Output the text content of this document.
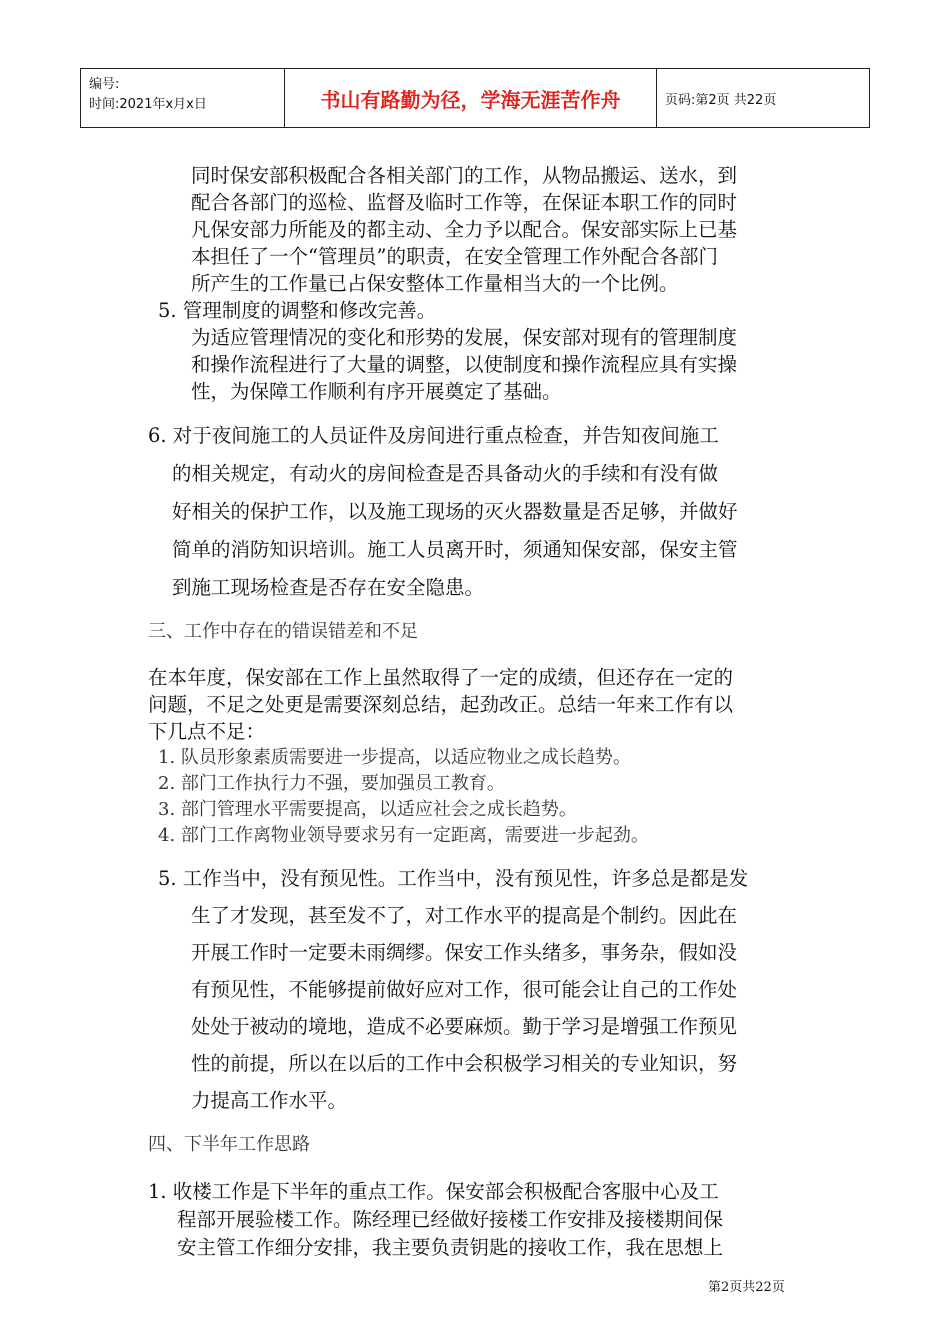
编号:
时间:2021年x月x日	书山有路勤为径，学海无涯苦作舟	页码:第2页 共22页
同时保安部积极配合各相关部门的工作，从物品搬运、送水，到
配合各部门的巡检、监督及临时工作等，在保证本职工作的同时
凡保安部力所能及的都主动、全力予以配合。保安部实际上已基
本担任了一个“管理员”的职责，在安全管理工作外配合各部门
所产生的工作量已占保安整体工作量相当大的一个比例。
5. 管理制度的调整和修改完善。
为适应管理情况的变化和形势的发展，保安部对现有的管理制度
和操作流程进行了大量的调整，以使制度和操作流程应具有实操
性，为保障工作顺利有序开展奠定了基础。
6. 对于夜间施工的人员证件及房间进行重点检查，并告知夜间施工
的相关规定，有动火的房间检查是否具备动火的手续和有没有做
好相关的保护工作，以及施工现场的灭火器数量是否足够，并做好
简单的消防知识培训。施工人员离开时，须通知保安部，保安主管
到施工现场检查是否存在安全隐患。
三、工作中存在的错误错差和不足
在本年度，保安部在工作上虽然取得了一定的成绩，但还存在一定的
问题，不足之处更是需要深刻总结，起劲改正。总结一年来工作有以
下几点不足：
1. 队员形象素质需要进一步提高，以适应物业之成长趋势。
2. 部门工作执行力不强，要加强员工教育。
3. 部门管理水平需要提高，以适应社会之成长趋势。
4. 部门工作离物业领导要求另有一定距离，需要进一步起劲。
5. 工作当中，没有预见性。工作当中，没有预见性，许多总是都是发
生了才发现，甚至发不了，对工作水平的提高是个制约。因此在
开展工作时一定要未雨绸缪。保安工作头绪多，事务杂，假如没
有预见性，不能够提前做好应对工作，很可能会让自己的工作处
处处于被动的境地，造成不必要麻烦。勤于学习是增强工作预见
性的前提，所以在以后的工作中会积极学习相关的专业知识，努
力提高工作水平。
四、下半年工作思路
1. 收楼工作是下半年的重点工作。保安部会积极配合客服中心及工
程部开展验楼工作。陈经理已经做好接楼工作安排及接楼期间保
安主管工作细分安排，我主要负责钥匙的接收工作，我在思想上
第2页共22页
